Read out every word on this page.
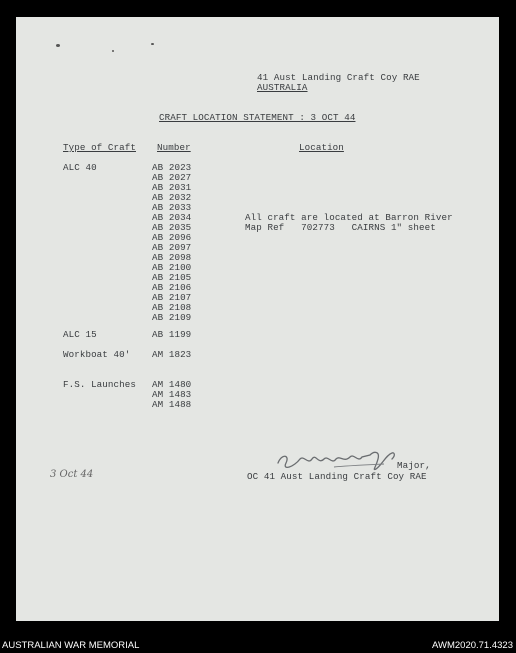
41 Aust Landing Craft Coy RAE
AUSTRALIA
CRAFT LOCATION STATEMENT : 3 OCT 44
Type of Craft Number	Location
ALC 40	AB 2023
AB 2027
AB 2031
AB 2032
AB 2033
AB 2034
AB 2035
AB 2096
AB 2097
AB 2098
AB 2100
AB 2105
AB 2106
AB 2107
AB 2108
AB 2109
All craft are located at Barron River
Map Ref   702773   CAIRNS 1" sheet
ALC 15	AB 1199
Workboat 40' AM 1823
F.S. Launches AM 1480
AM 1483
AM 1488
Major,
OC 41 Aust Landing Craft Coy RAE
3 Oct 44
AUSTRALIAN WAR MEMORIAL	AWM2020.71.4323
